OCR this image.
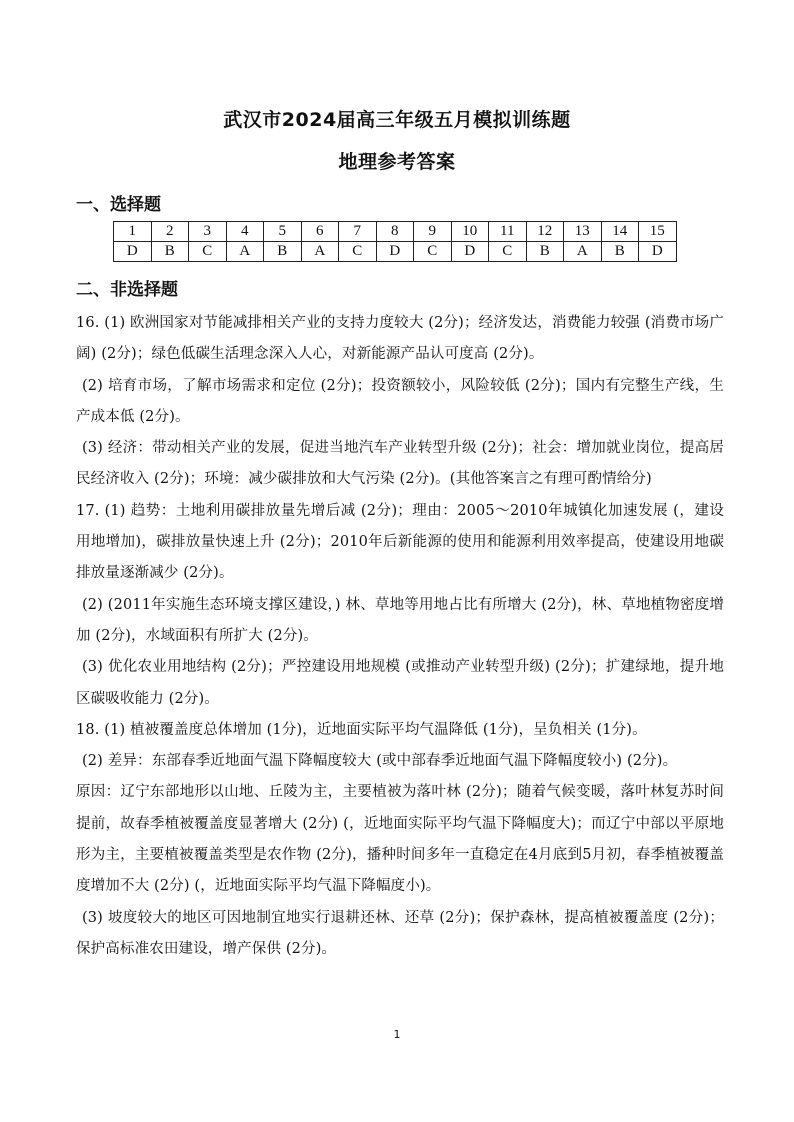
武汉市2024届高三年级五月模拟训练题
地理参考答案
一、选择题
1	2	3	4	5	6	7	8	9	10	11	12	13	14	15
D	B	C	A	B	A	C	D	C	D	C	B	A	B	D
二、非选择题

16. (1) 欧洲国家对节能减排相关产业的支持力度较大 (2分)；经济发达，消费能力较强 (消费市场广阔) (2分)；绿色低碳生活理念深入人心，对新能源产品认可度高 (2分)。

(2) 培育市场，了解市场需求和定位 (2分)；投资额较小，风险较低 (2分)；国内有完整生产线，生产成本低 (2分)。

(3) 经济：带动相关产业的发展，促进当地汽车产业转型升级 (2分)；社会：增加就业岗位，提高居民经济收入 (2分)；环境：减少碳排放和大气污染 (2分)。(其他答案言之有理可酌情给分)

17. (1) 趋势：土地利用碳排放量先增后减 (2分)；理由：2005～2010年城镇化加速发展 (，建设用地增加)，碳排放量快速上升 (2分)；2010年后新能源的使用和能源利用效率提高，使建设用地碳排放量逐渐减少 (2分)。

(2) (2011年实施生态环境支撑区建设，) 林、草地等用地占比有所增大 (2分)，林、草地植物密度增加 (2分)，水域面积有所扩大 (2分)。

(3) 优化农业用地结构 (2分)；严控建设用地规模 (或推动产业转型升级) (2分)；扩建绿地，提升地区碳吸收能力 (2分)。

18. (1) 植被覆盖度总体增加 (1分)，近地面实际平均气温降低 (1分)，呈负相关 (1分)。

(2) 差异：东部春季近地面气温下降幅度较大 (或中部春季近地面气温下降幅度较小) (2分)。

原因：辽宁东部地形以山地、丘陵为主，主要植被为落叶林 (2分)；随着气候变暖，落叶林复苏时间提前，故春季植被覆盖度显著增大 (2分) (，近地面实际平均气温下降幅度大)；而辽宁中部以平原地形为主，主要植被覆盖类型是农作物 (2分)，播种时间多年一直稳定在4月底到5月初，春季植被覆盖度增加不大 (2分) (，近地面实际平均气温下降幅度小)。

(3) 坡度较大的地区可因地制宜地实行退耕还林、还草 (2分)；保护森林，提高植被覆盖度 (2分)；保护高标准农田建设，增产保供 (2分)。

1
